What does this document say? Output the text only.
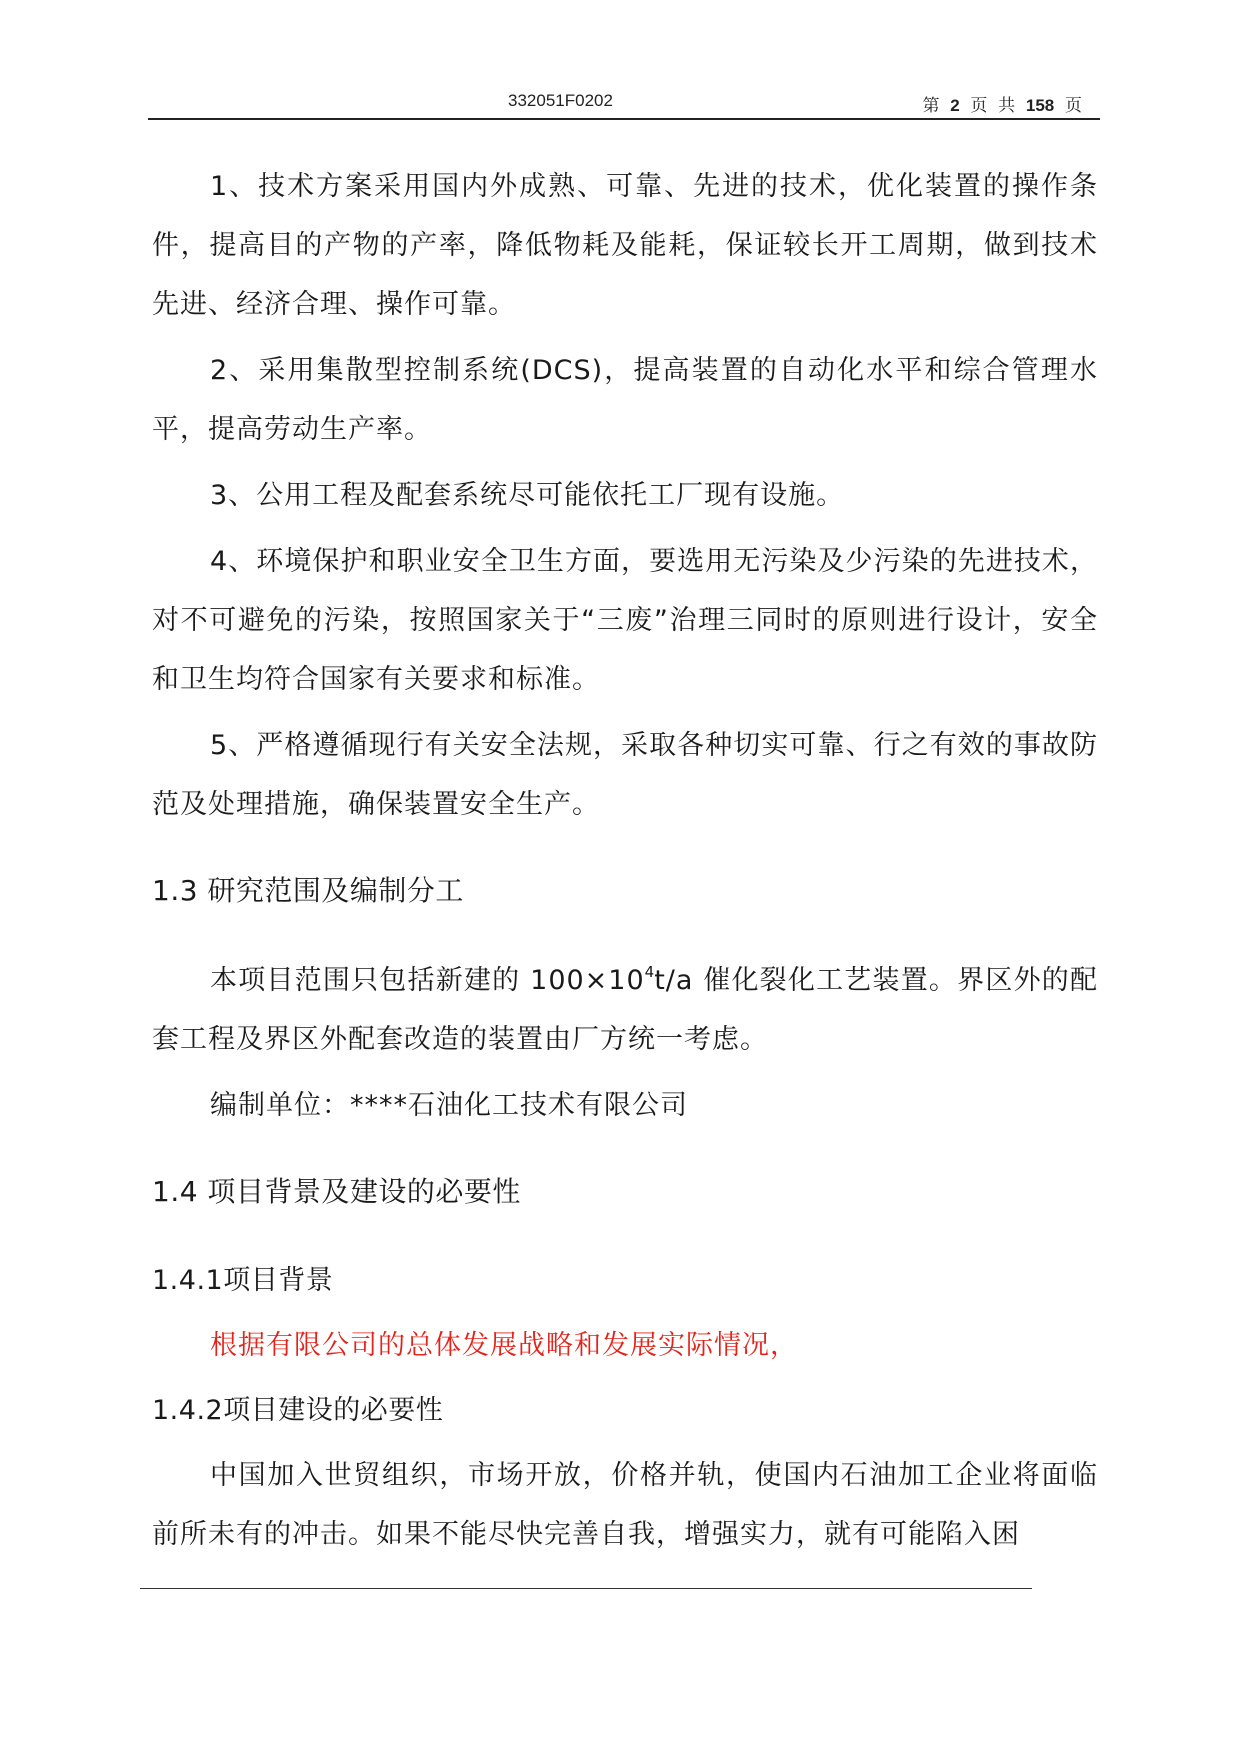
332051F0202	第 2 页 共 158 页

1、技术方案采用国内外成熟、可靠、先进的技术，优化装置的操作条件，提高目的产物的产率，降低物耗及能耗，保证较长开工周期，做到技术先进、经济合理、操作可靠。

2、采用集散型控制系统(DCS)，提高装置的自动化水平和综合管理水平，提高劳动生产率。

3、公用工程及配套系统尽可能依托工厂现有设施。

4、环境保护和职业安全卫生方面，要选用无污染及少污染的先进技术，对不可避免的污染，按照国家关于“三废”治理三同时的原则进行设计，安全和卫生均符合国家有关要求和标准。

5、严格遵循现行有关安全法规，采取各种切实可靠、行之有效的事故防范及处理措施，确保装置安全生产。

1.3 研究范围及编制分工

本项目范围只包括新建的 $100\times 10^4t/a$ 催化裂化工艺装置。界区外的配套工程及界区外配套改造的装置由厂方统一考虑。

编制单位：****石油化工技术有限公司

1.4 项目背景及建设的必要性
1.4.1项目背景

根据有限公司的总体发展战略和发展实际情况，

1.4.2项目建设的必要性

中国加入世贸组织，市场开放，价格并轨，使国内石油加工企业将面临前所未有的冲击。如果不能尽快完善自我，增强实力，就有可能陷入困
